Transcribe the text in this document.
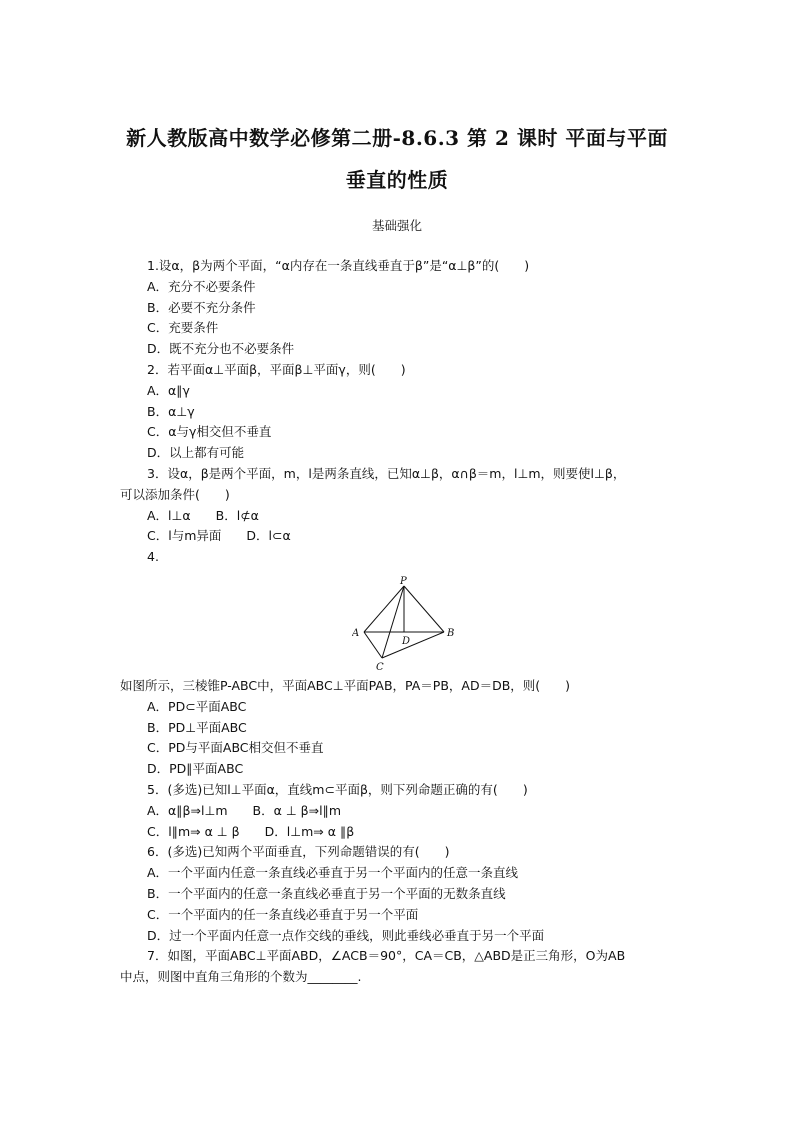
新人教版高中数学必修第二册-8.6.3 第 2 课时 平面与平面
垂直的性质
基础强化
1.设α，β为两个平面，“α内存在一条直线垂直于β”是“α⊥β”的(　　)
A．充分不必要条件
B．必要不充分条件
C．充要条件
D．既不充分也不必要条件
2．若平面α⊥平面β，平面β⊥平面γ，则(　　)
A．α∥γ
B．α⊥γ
C．α与γ相交但不垂直
D．以上都有可能
3．设α，β是两个平面，m，l是两条直线，已知α⊥β，α∩β＝m，l⊥m，则要使l⊥β，
可以添加条件(　　)
A．l⊥α　　B．l⊄α
C．l与m异面　　D．l⊂α
4.
P
A	B
C
D
如图所示，三棱锥P-ABC中，平面ABC⊥平面PAB，PA＝PB，AD＝DB，则(　　)
A．PD⊂平面ABC
B．PD⊥平面ABC
C．PD与平面ABC相交但不垂直
D．PD∥平面ABC
5．(多选)已知l⊥平面α，直线m⊂平面β，则下列命题正确的有(　　)
A．α∥β⇒l⊥m　　B．α ⊥ β⇒l∥m
C．l∥m⇒ α ⊥ β　　D．l⊥m⇒ α ∥β
6．(多选)已知两个平面垂直，下列命题错误的有(　　)
A．一个平面内任意一条直线必垂直于另一个平面内的任意一条直线
B．一个平面内的任意一条直线必垂直于另一个平面的无数条直线
C．一个平面内的任一条直线必垂直于另一个平面
D．过一个平面内任意一点作交线的垂线，则此垂线必垂直于另一个平面
7．如图，平面ABC⊥平面ABD，∠ACB＝90°，CA＝CB，△ABD是正三角形，O为AB
中点，则图中直角三角形的个数为________.
